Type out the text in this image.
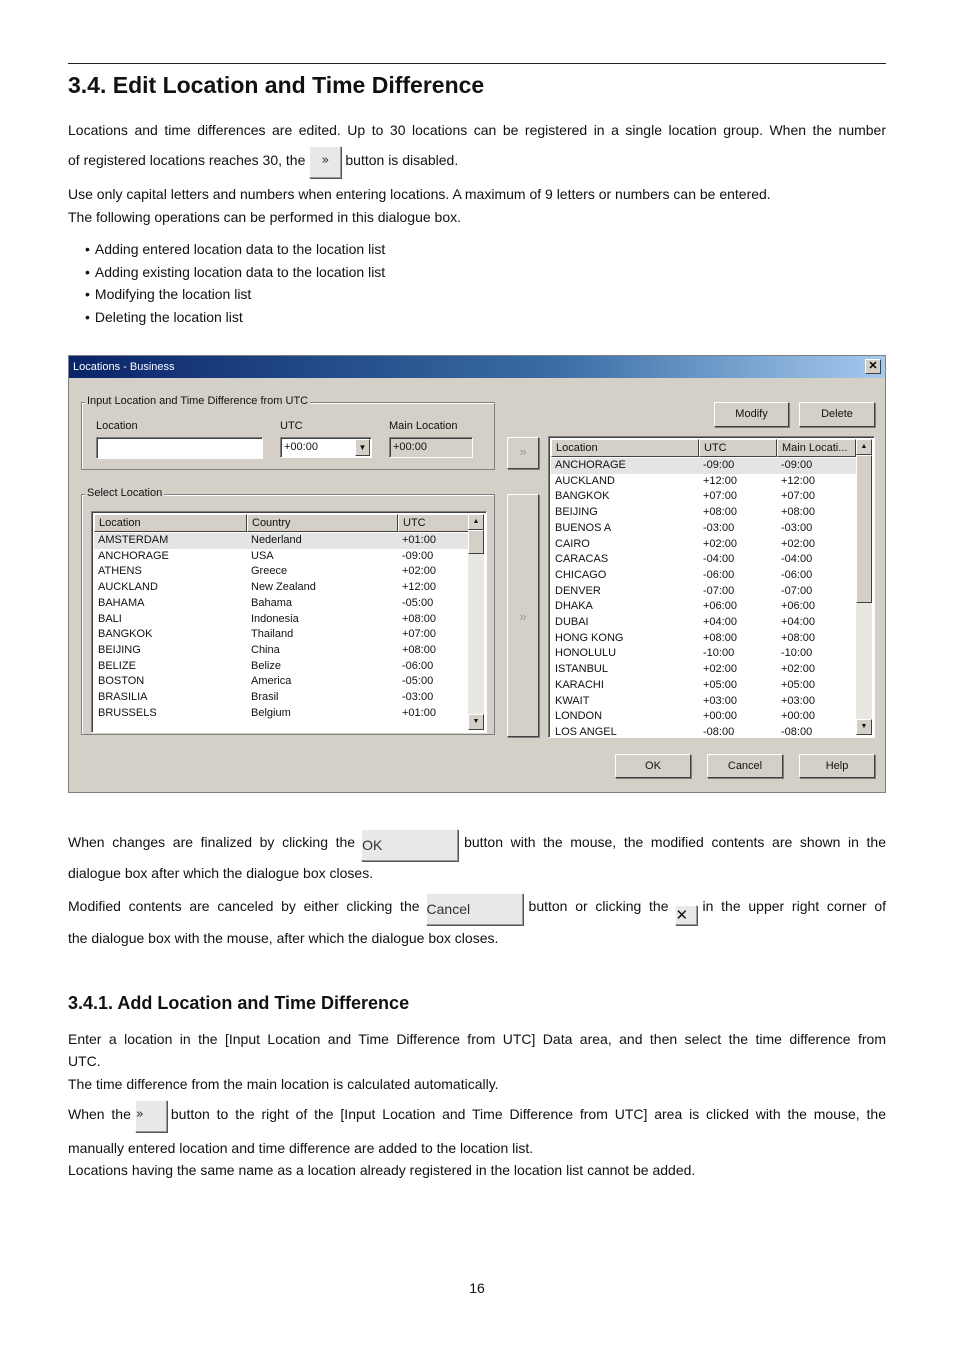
3.4. Edit Location and Time Difference

Locations and time differences are edited. Up to 30 locations can be registered in a single location group. When the number

of registered locations reaches 30, the » button is disabled.

Use only capital letters and numbers when entering locations. A maximum of 9 letters or numbers can be entered.

The following operations can be performed in this dialogue box.

• Adding entered location data to the location list
• Adding existing location data to the location list
• Modifying the location list
• Deleting the location list
Locations - Business	✕
Input Location and Time Difference from UTC
Location	UTC
+00:00	▼
Main Location
+00:00
Select Location
Location	Country	UTC
AMSTERDAM	Nederland	+01:00
ANCHORAGE	USA	-09:00
ATHENS	Greece	+02:00
AUCKLAND	New Zealand	+12:00
BAHAMA	Bahama	-05:00
BALI	Indonesia	+08:00
BANGKOK	Thailand	+07:00
BEIJING	China	+08:00
BELIZE	Belize	-06:00
BOSTON	America	-05:00
BRASILIA	Brasil	-03:00
BRUSSELS	Belgium	+01:00
▲
▼
»
»
Modify	Delete
Location	UTC	Main Locati...
ANCHORAGE	-09:00	-09:00
AUCKLAND	+12:00	+12:00
BANGKOK	+07:00	+07:00
BEIJING	+08:00	+08:00
BUENOS A	-03:00	-03:00
CAIRO	+02:00	+02:00
CARACAS	-04:00	-04:00
CHICAGO	-06:00	-06:00
DENVER	-07:00	-07:00
DHAKA	+06:00	+06:00
DUBAI	+04:00	+04:00
HONG KONG	+08:00	+08:00
HONOLULU	-10:00	-10:00
ISTANBUL	+02:00	+02:00
KARACHI	+05:00	+05:00
KWAIT	+03:00	+03:00
LONDON	+00:00	+00:00
LOS ANGEL	-08:00	-08:00
▲
▼
OK	Cancel	Help

When changes are finalized by clicking the OK	button with the mouse, the modified contents are shown in the

dialogue box after which the dialogue box closes.

Modified contents are canceled by either clicking the Cancel	button or clicking the ✕ in the upper right corner of

the dialogue box with the mouse, after which the dialogue box closes.

3.4.1. Add Location and Time Difference

Enter a location in the [Input Location and Time Difference from UTC] Data area, and then select the time difference from

UTC.

The time difference from the main location is calculated automatically.

When the » button to the right of the [Input Location and Time Difference from UTC] area is clicked with the mouse, the

manually entered location and time difference are added to the location list.

Locations having the same name as a location already registered in the location list cannot be added.

16
